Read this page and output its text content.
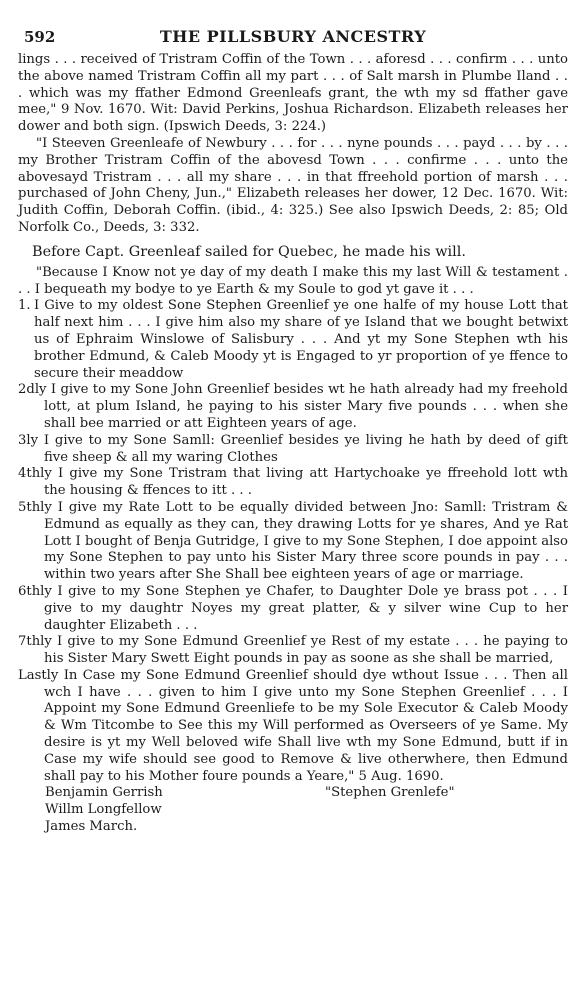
592	THE PILLSBURY ANCESTRY

lings . . . received of Tristram Coffin of the Town . . . aforesd . . . confirm . . . unto the above named Tristram Coffin all my part . . . of Salt marsh in Plumbe Iland . . . which was my ffather Edmond Greenleafs grant, the wth my sd ffather gave mee," 9 Nov. 1670. Wit: David Perkins, Joshua Richardson. Elizabeth releases her dower and both sign. (Ipswich Deeds, 3: 224.)

"I Steeven Greenleafe of Newbury . . . for . . . nyne pounds . . . payd . . . by . . . my Brother Tristram Coffin of the abovesd Town . . . confirme . . . unto the abovesayd Tristram . . . all my share . . . in that ffreehold portion of marsh . . . purchased of John Cheny, Jun.," Elizabeth releases her dower, 12 Dec. 1670. Wit: Judith Coffin, Deborah Coffin. (ibid., 4: 325.) See also Ipswich Deeds, 2: 85; Old Norfolk Co., Deeds, 3: 332.

Before Capt. Greenleaf sailed for Quebec, he made his will.

"Because I Know not ye day of my death I make this my last Will & testament . . . I bequeath my bodye to ye Earth & my Soule to god yt gave it . . .

1. I Give to my oldest Sone Stephen Greenlief ye one halfe of my house Lott that half next him . . . I give him also my share of ye Island that we bought betwixt us of Ephraim Winslowe of Salisbury . . . And yt my Sone Stephen wth his brother Edmund, & Caleb Moody yt is Engaged to yr proportion of ye ffence to secure their meaddow
2dly I give to my Sone John Greenlief besides wt he hath already had my freehold lott, at plum Island, he paying to his sister Mary five pounds . . . when she shall bee married or att Eighteen years of age.
3ly I give to my Sone Samll: Greenlief besides ye living he hath by deed of gift five sheep & all my waring Clothes
4thly I give my Sone Tristram that living att Hartychoake ye ffreehold lott wth the housing & ffences to itt . . .
5thly I give my Rate Lott to be equally divided between Jno: Samll: Tristram & Edmund as equally as they can, they drawing Lotts for ye shares, And ye Rat Lott I bought of Benja Gutridge, I give to my Sone Stephen, I doe appoint also my Sone Stephen to pay unto his Sister Mary three score pounds in pay . . . within two years after She Shall bee eighteen years of age or marriage.
6thly I give to my Sone Stephen ye Chafer, to Daughter Dole ye brass pot . . . I give to my daughtr Noyes my great platter, & y silver wine Cup to her daughter Elizabeth . . .
7thly I give to my Sone Edmund Greenlief ye Rest of my estate . . . he paying to his Sister Mary Swett Eight pounds in pay as soone as she shall be married,
Lastly In Case my Sone Edmund Greenlief should dye wthout Issue . . . Then all wch I have . . . given to him I give unto my Sone Stephen Greenlief . . . I Appoint my Sone Edmund Greenliefe to be my Sole Executor & Caleb Moody & Wm Titcombe to See this my Will performed as Overseers of ye Same. My desire is yt my Well beloved wife Shall live wth my Sone Edmund, butt if in Case my wife should see good to Remove & live otherwhere, then Edmund shall pay to his Mother foure pounds a Yeare," 5 Aug. 1690.
Benjamin Gerrish	"Stephen Grenlefe"
Willm Longfellow
James March.
